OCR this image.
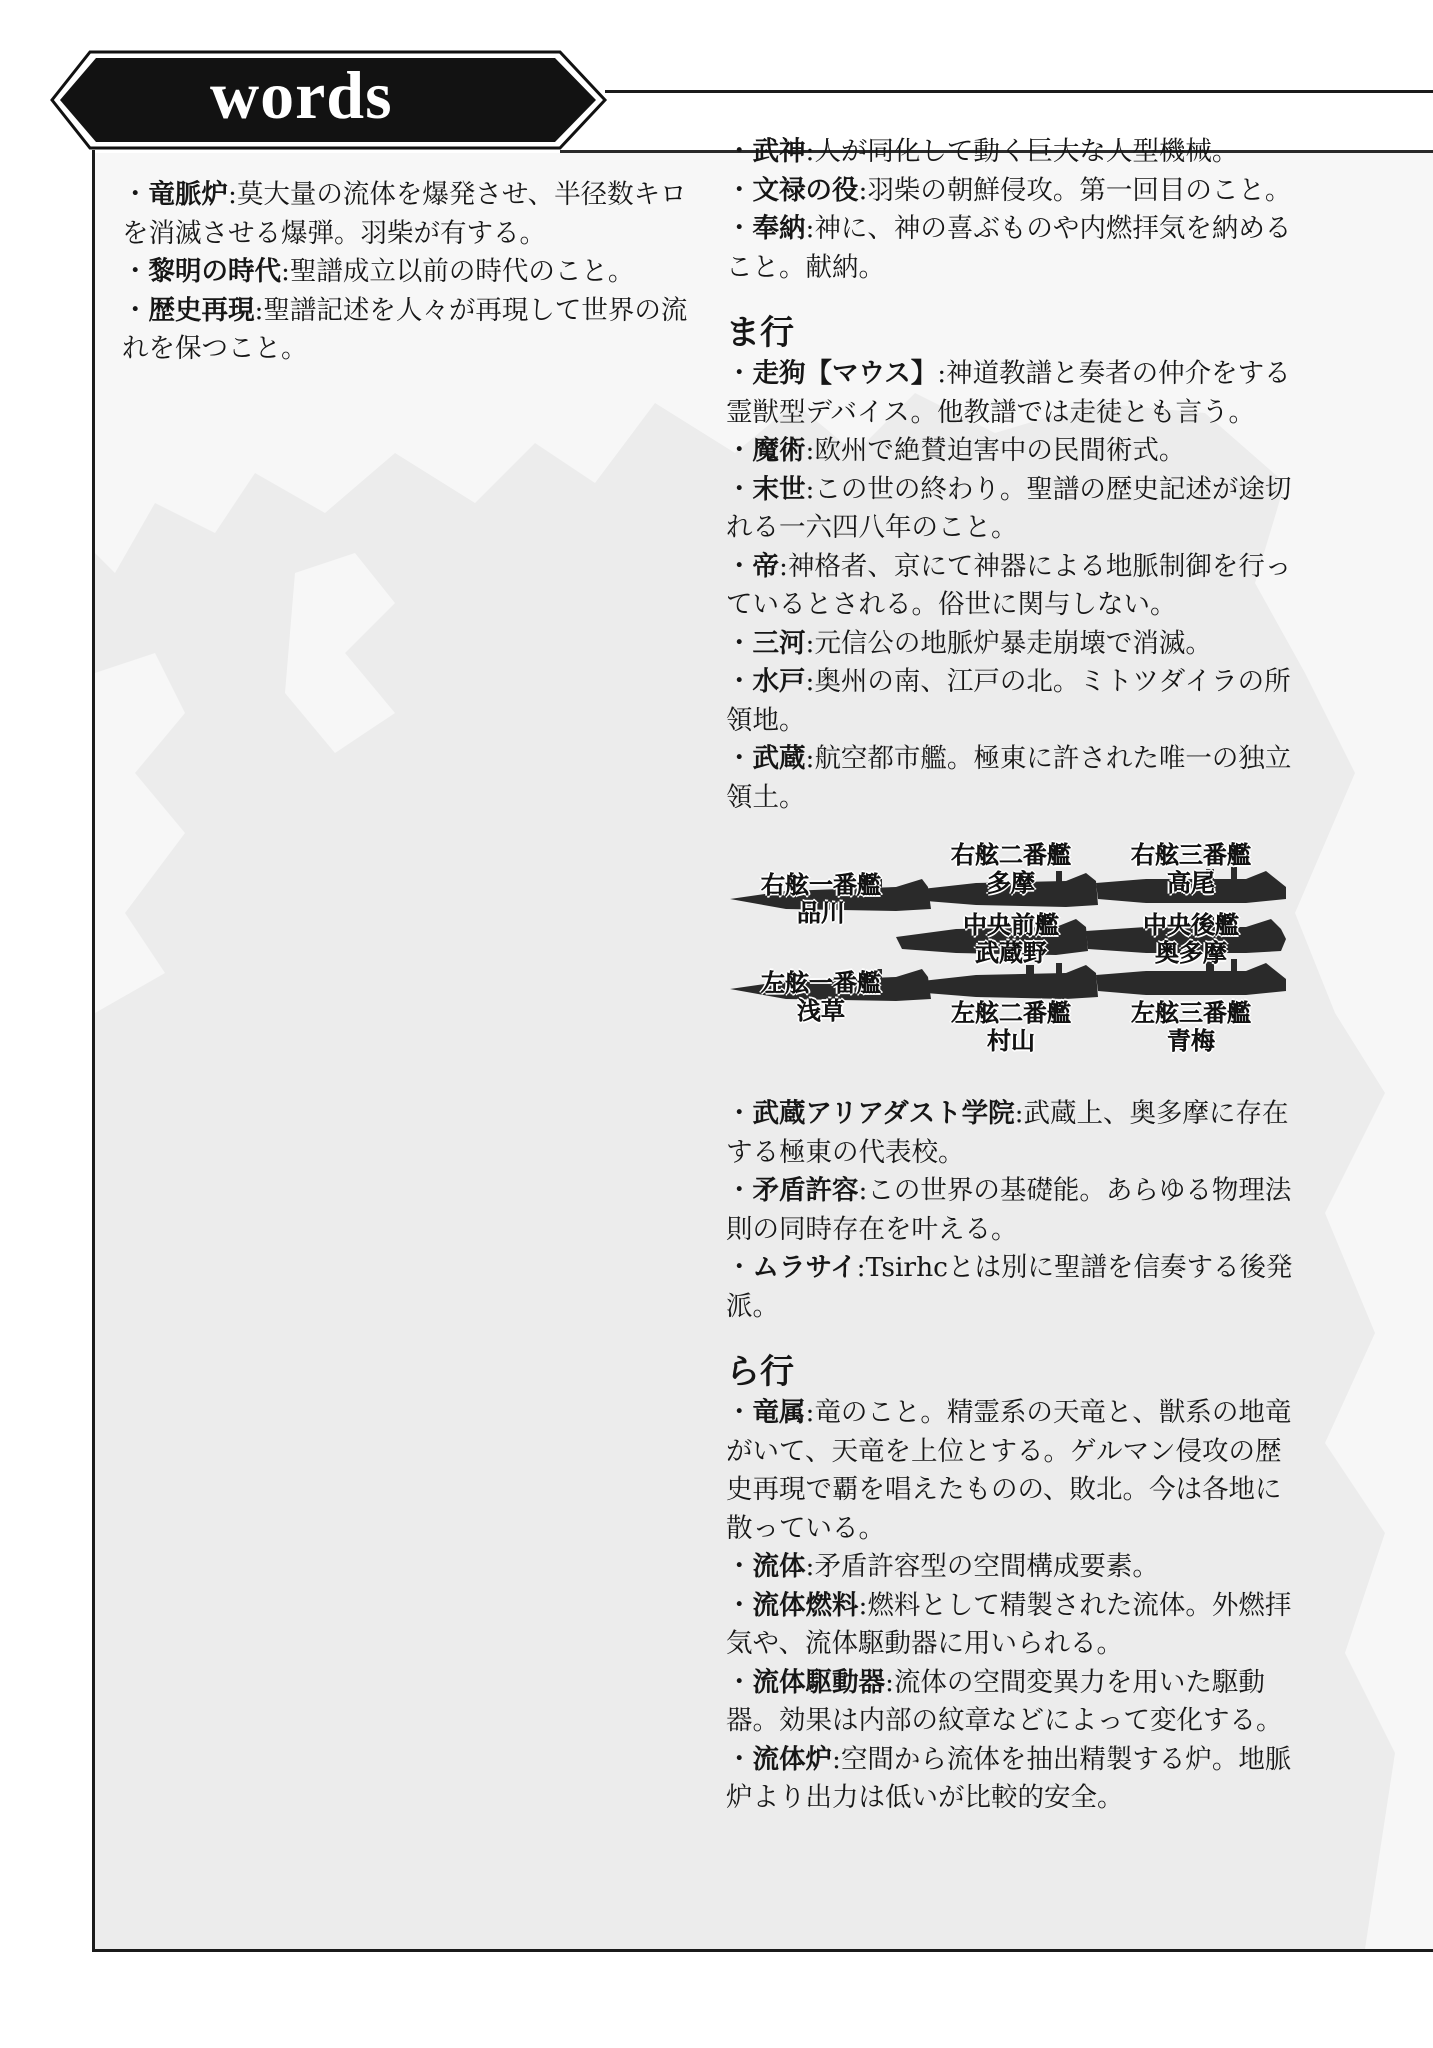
words
・竜脈炉:莫大量の流体を爆発させ、半径数キロを消滅させる爆弾。羽柴が有する。
・黎明の時代:聖譜成立以前の時代のこと。
・歴史再現:聖譜記述を人々が再現して世界の流れを保つこと。
・武神:人が同化して動く巨大な人型機械。
・文禄の役:羽柴の朝鮮侵攻。第一回目のこと。
・奉納:神に、神の喜ぶものや内燃拝気を納めること。献納。
ま行
・走狗【マウス】:神道教譜と奏者の仲介をする霊獣型デバイス。他教譜では走徒とも言う。
・魔術:欧州で絶賛迫害中の民間術式。
・末世:この世の終わり。聖譜の歴史記述が途切れる一六四八年のこと。
・帝:神格者、京にて神器による地脈制御を行っているとされる。俗世に関与しない。
・三河:元信公の地脈炉暴走崩壊で消滅。
・水戸:奥州の南、江戸の北。ミトツダイラの所領地。
・武蔵:航空都市艦。極東に許された唯一の独立領土。
右舷一番艦
品川
右舷二番艦
多摩
右舷三番艦
高尾
中央前艦
武蔵野
中央後艦
奥多摩
左舷一番艦
浅草	左舷二番艦
村山
左舷三番艦
青梅
・武蔵アリアダスト学院:武蔵上、奥多摩に存在する極東の代表校。
・矛盾許容:この世界の基礎能。あらゆる物理法則の同時存在を叶える。
・ムラサイ:Tsirhcとは別に聖譜を信奏する後発派。
ら行
・竜属:竜のこと。精霊系の天竜と、獣系の地竜がいて、天竜を上位とする。ゲルマン侵攻の歴史再現で覇を唱えたものの、敗北。今は各地に散っている。
・流体:矛盾許容型の空間構成要素。
・流体燃料:燃料として精製された流体。外燃拝気や、流体駆動器に用いられる。
・流体駆動器:流体の空間変異力を用いた駆動器。効果は内部の紋章などによって変化する。
・流体炉:空間から流体を抽出精製する炉。地脈炉より出力は低いが比較的安全。
